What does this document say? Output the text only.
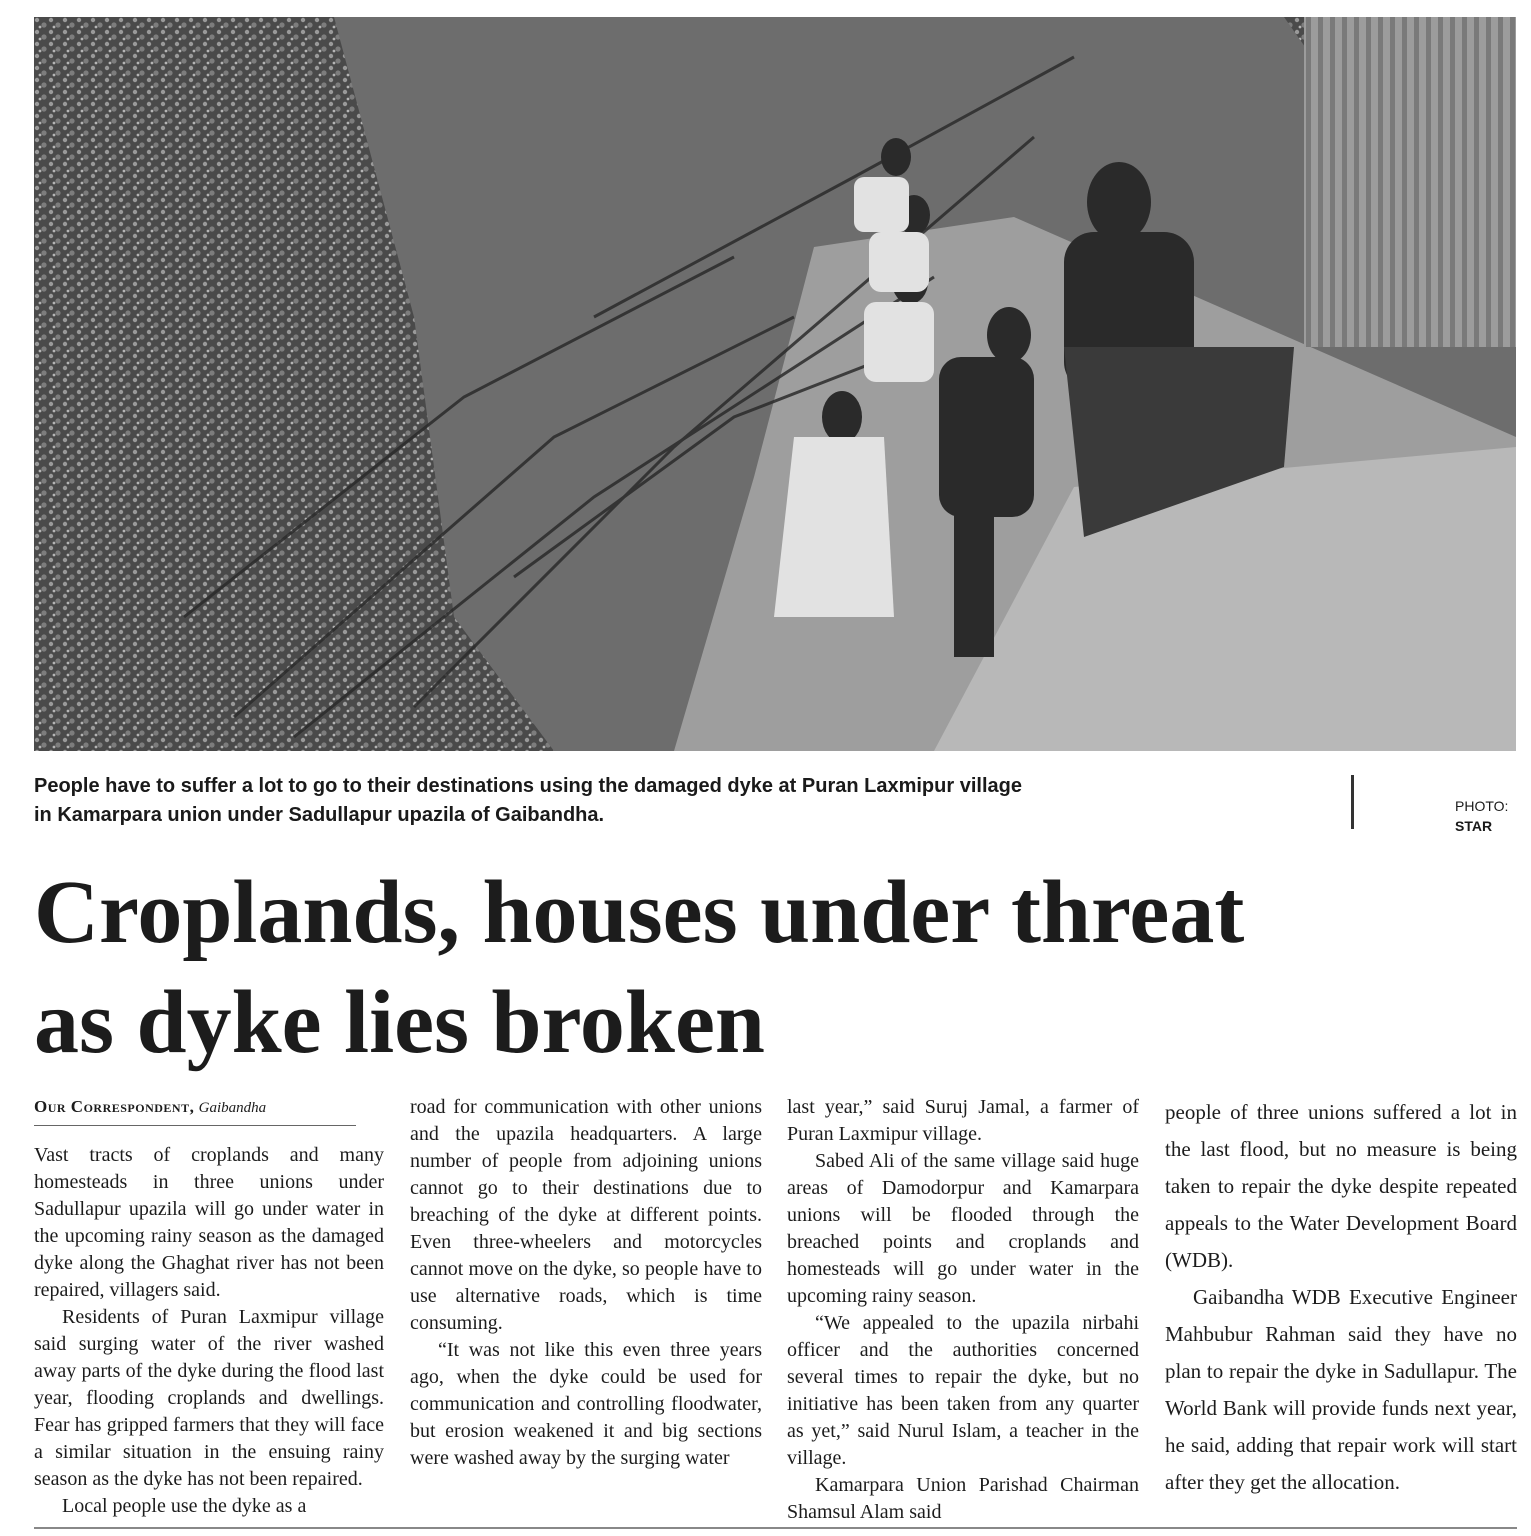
People have to suffer a lot to go to their destinations using the damaged dyke at Puran Laxmipur village in Kamarpara union under Sadullapur upazila of Gaibandha.	PHOTO:
STAR
Croplands, houses under threat
as dyke lies broken
Our Correspondent, Gaibandha

Vast tracts of croplands and many homesteads in three unions under Sadullapur upazila will go under water in the upcoming rainy season as the damaged dyke along the Ghaghat river has not been repaired, villagers said.

Residents of Puran Laxmipur village said surging water of the river washed away parts of the dyke during the flood last year, flooding croplands and dwellings. Fear has gripped farmers that they will face a similar situation in the ensuing rainy season as the dyke has not been repaired.

Local people use the dyke as a

road for communication with other unions and the upazila headquarters. A large number of people from adjoining unions cannot go to their destinations due to breaching of the dyke at different points. Even three-wheelers and motorcycles cannot move on the dyke, so people have to use alternative roads, which is time consuming.

“It was not like this even three years ago, when the dyke could be used for communication and controlling floodwater, but erosion weakened it and big sections were washed away by the surging water

last year,” said Suruj Jamal, a farmer of Puran Laxmipur village.

Sabed Ali of the same village said huge areas of Damodorpur and Kamarpara unions will be flooded through the breached points and croplands and homesteads will go under water in the upcoming rainy season.

“We appealed to the upazila nirbahi officer and the authorities concerned several times to repair the dyke, but no initiative has been taken from any quarter as yet,” said Nurul Islam, a teacher in the village.

Kamarpara Union Parishad Chairman Shamsul Alam said

people of three unions suffered a lot in the last flood, but no measure is being taken to repair the dyke despite repeated appeals to the Water Development Board (WDB).

Gaibandha WDB Executive Engineer Mahbubur Rahman said they have no plan to repair the dyke in Sadullapur. The World Bank will provide funds next year, he said, adding that repair work will start after they get the allocation.
